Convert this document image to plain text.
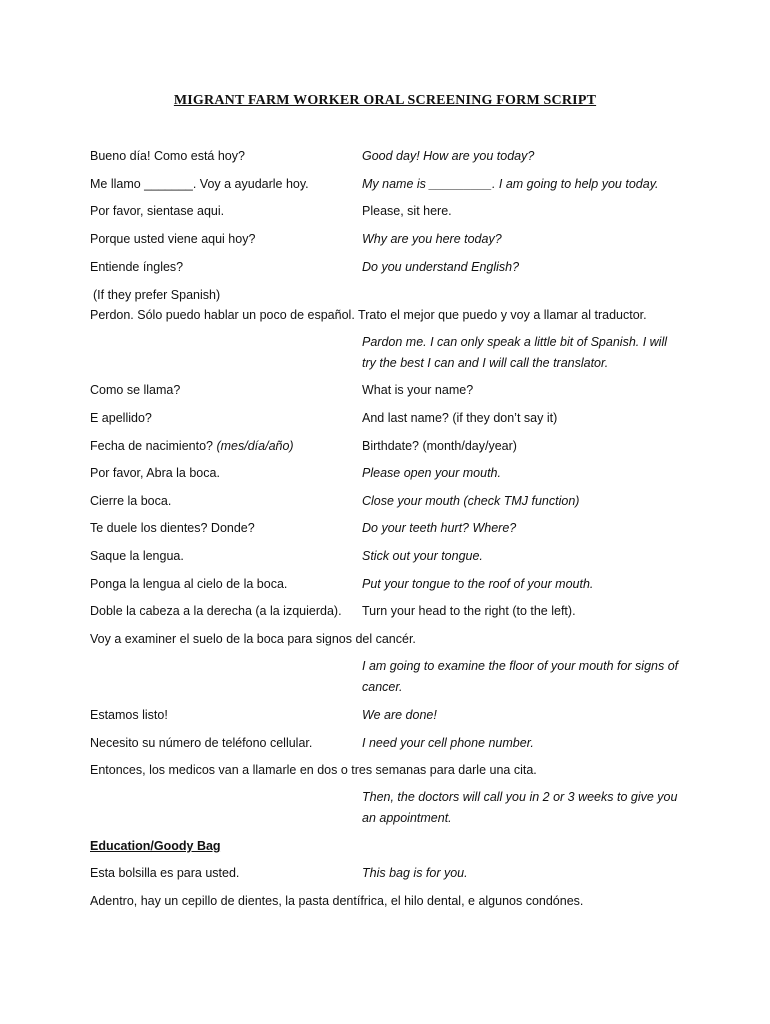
MIGRANT FARM WORKER ORAL SCREENING FORM SCRIPT
Bueno día! Como está hoy?	Good day! How are you today?
Me llamo _______. Voy a ayudarle hoy.	My name is _________. I am going to help you today.
Por favor, sientase aqui.	Please, sit here.
Porque usted viene aqui hoy?	Why are you here today?
Entiende íngles?	Do you understand English?
(If they prefer Spanish)
Perdon. Sólo puedo hablar un poco de español. Trato el mejor que puedo y voy a llamar al traductor.
Pardon me. I can only speak a little bit of Spanish. I will try the best I can and I will call the translator.
Como se llama?	What is your name?
E apellido?	And last name? (if they don’t say it)
Fecha de nacimiento? (mes/día/año)	Birthdate? (month/day/year)
Por favor, Abra la boca.	Please open your mouth.
Cierre la boca.	Close your mouth (check TMJ function)
Te duele los dientes? Donde?	Do your teeth hurt? Where?
Saque la lengua.	Stick out your tongue.
Ponga la lengua al cielo de la boca.	Put your tongue to the roof of your mouth.
Doble la cabeza a la derecha (a la izquierda). Turn your head to the right (to the left).
Voy a examiner el suelo de la boca para signos del cancér.
I am going to examine the floor of your mouth for signs of cancer.
Estamos listo!	We are done!
Necesito su número de teléfono cellular.	I need your cell phone number.
Entonces, los medicos van a llamarle en dos o tres semanas para darle una cita.
Then, the doctors will call you in 2 or 3 weeks to give you an appointment.
Education/Goody Bag
Esta bolsilla es para usted.	This bag is for you.
Adentro, hay un cepillo de dientes, la pasta dentífrica, el hilo dental, e algunos condónes.
